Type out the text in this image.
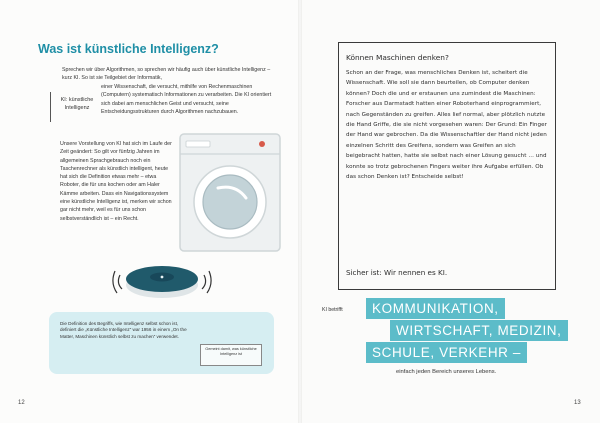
Was ist künstliche Intelligenz?
Sprechen wir über Algorithmen, so sprechen wir häufig auch über künstliche Intelligenz – kurz KI. So ist sie Teilgebiet der Informatik,
einer Wissenschaft, die versucht, mithilfe von Rechenmaschinen (Computern) systematisch Informationen zu verarbeiten. Die KI orientiert sich dabei am menschlichen Geist und versucht, seine Entscheidungsstrukturen durch Algorithmen nachzubauen.
KI: künstliche Intelligenz
Unsere Vorstellung von KI hat sich im Laufe der Zeit geändert: So gilt vor fünfzig Jahren im allgemeinen Sprachgebrauch noch ein Taschenrechner als künstlich intelligent, heute hat sich die Definition etwas mehr – etwa Roboter, die für uns kochen oder am Haler Kämme arbeiten. Dass ein Navigationssystem eine künstliche Intelligenz ist, merken wir schon gar nicht mehr, weil es für uns schon selbstverständlich ist – ein Recht.
Die Definition des Begriffs, wie Intelligenz selbst schon ist, definiert die „Künstliche Intelligenz“ war 1956 in einem „On the Matter, Maschinen künstlich selbst zu machen“ verwendet.
Gemeint damit, was künstliche Intelligenz ist
12
Können Maschinen denken?
Schon an der Frage, was menschliches Denken ist, scheitert die Wissenschaft. Wie soll sie dann beurteilen, ob Computer denken können? Doch die und er erstaunen uns zumindest die Maschinen: Forscher aus Darmstadt hatten einer Roboterhand einprogrammiert, nach Gegenständen zu greifen. Alles lief normal, aber plötzlich nutzte die Hand Griffe, die sie nicht vorgesehen waren: Der Grund: Ein Finger der Hand war gebrochen. Da die Wissenschaftler der Hand nicht jeden einzelnen Schritt des Greifens, sondern was Greifen an sich beigebracht hatten, hatte sie selbst nach einer Lösung gesucht … und konnte so trotz gebrochenen Fingers weiter ihre Aufgabe erfüllen. Ob das schon Denken ist? Entscheide selbst!
Sicher ist: Wir nennen es KI.
KI betrifft	KOMMUNIKATION,
WIRTSCHAFT, MEDIZIN,
SCHULE, VERKEHR –
einfach jeden Bereich unseres Lebens.
13
